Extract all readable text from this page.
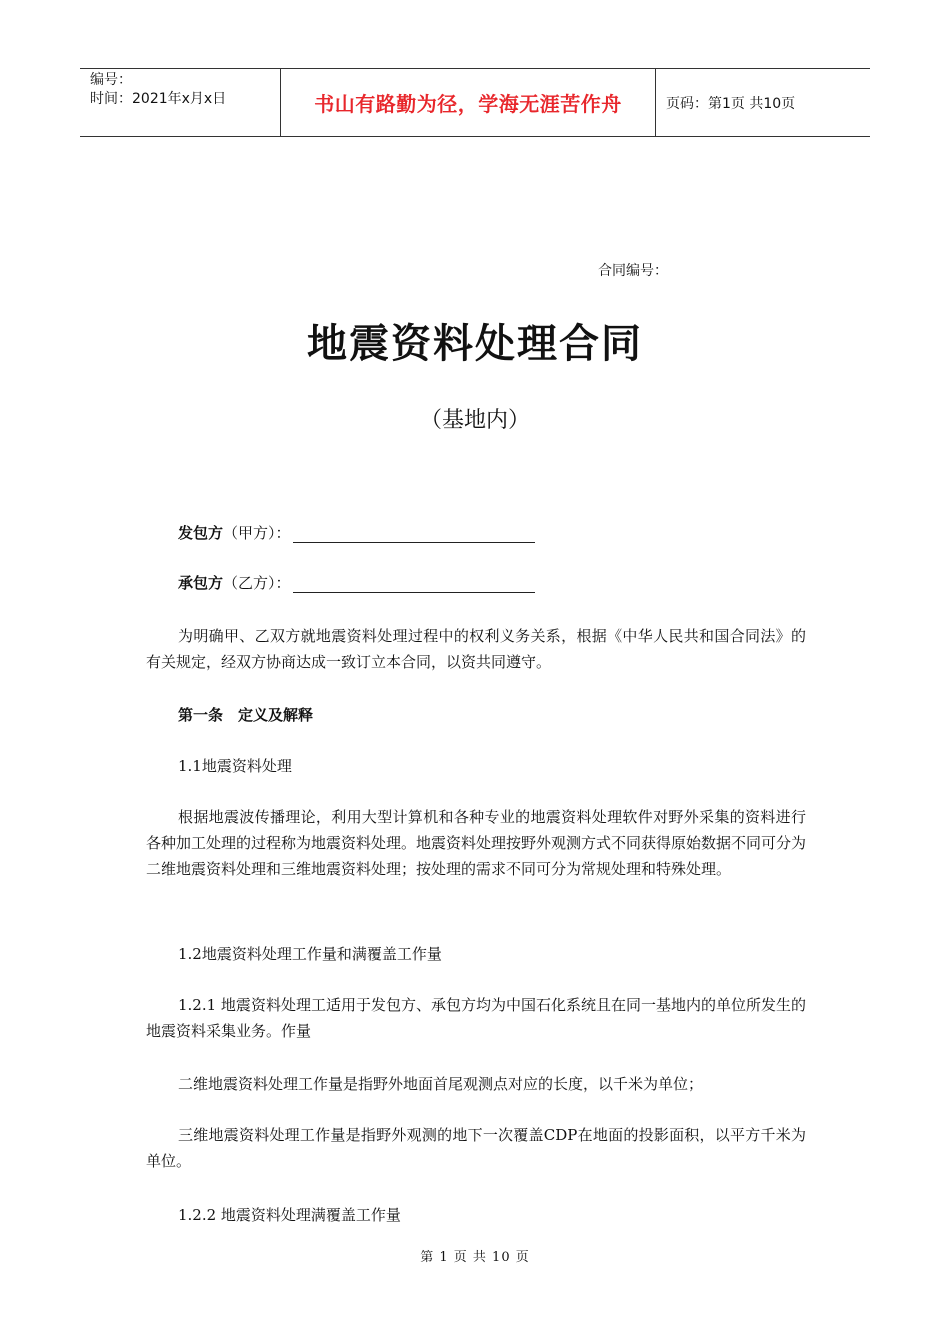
编号：
时间：2021年x月x日	书山有路勤为径，学海无涯苦作舟	页码：第1页 共10页
合同编号：
地震资料处理合同
（基地内）
发包方 （甲方）：
承包方 （乙方）：

为明确甲、乙双方就地震资料处理过程中的权利义务关系，根据《中华人民共和国合同法》的有关规定，经双方协商达成一致订立本合同，以资共同遵守。

第一条　定义及解释

1.1地震资料处理

根据地震波传播理论，利用大型计算机和各种专业的地震资料处理软件对野外采集的资料进行各种加工处理的过程称为地震资料处理。地震资料处理按野外观测方式不同获得原始数据不同可分为二维地震资料处理和三维地震资料处理；按处理的需求不同可分为常规处理和特殊处理。

1.2地震资料处理工作量和满覆盖工作量

1.2.1 地震资料处理工适用于发包方、承包方均为中国石化系统且在同一基地内的单位所发生的地震资料采集业务。作量

二维地震资料处理工作量是指野外地面首尾观测点对应的长度，以千米为单位；

三维地震资料处理工作量是指野外观测的地下一次覆盖CDP在地面的投影面积，以平方千米为单位。

1.2.2 地震资料处理满覆盖工作量

第 1 页 共 10 页
